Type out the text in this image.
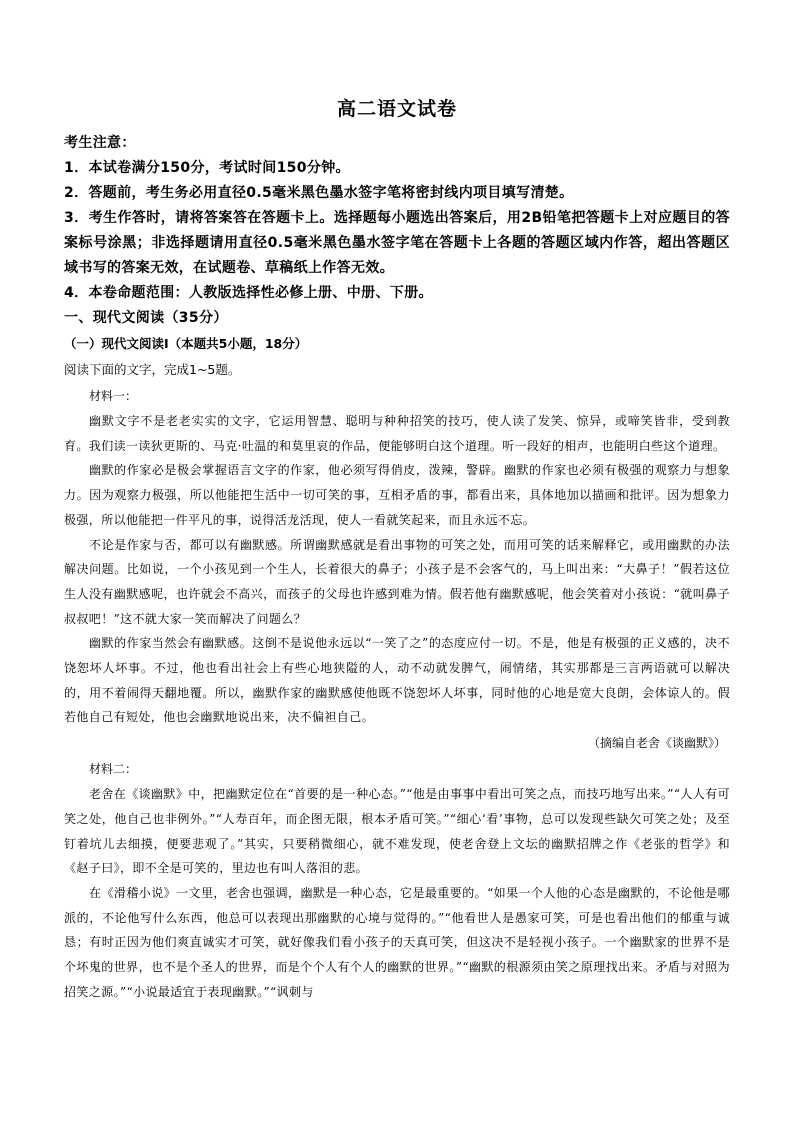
高二语文试卷

考生注意：

1．本试卷满分150分，考试时间150分钟。

2．答题前，考生务必用直径0.5毫米黑色墨水签字笔将密封线内项目填写清楚。

3．考生作答时，请将答案答在答题卡上。选择题每小题选出答案后，用2B铅笔把答题卡上对应题目的答案标号涂黑；非选择题请用直径0.5毫米黑色墨水签字笔在答题卡上各题的答题区域内作答，超出答题区域书写的答案无效，在试题卷、草稿纸上作答无效。

4．本卷命题范围：人教版选择性必修上册、中册、下册。

一、现代文阅读（35分）

（一）现代文阅读Ⅰ（本题共5小题，18分）

阅读下面的文字，完成1~5题。

材料一：

幽默文字不是老老实实的文字，它运用智慧、聪明与种种招笑的技巧，使人读了发笑、惊异，或啼笑皆非，受到教育。我们读一读狄更斯的、马克·吐温的和莫里哀的作品，便能够明白这个道理。听一段好的相声，也能明白些这个道理。

幽默的作家必是极会掌握语言文字的作家，他必须写得俏皮，泼辣，警辟。幽默的作家也必须有极强的观察力与想象力。因为观察力极强，所以他能把生活中一切可笑的事，互相矛盾的事，都看出来，具体地加以描画和批评。因为想象力极强，所以他能把一件平凡的事，说得活龙活现，使人一看就笑起来，而且永远不忘。

不论是作家与否，都可以有幽默感。所谓幽默感就是看出事物的可笑之处，而用可笑的话来解释它，或用幽默的办法解决问题。比如说，一个小孩见到一个生人，长着很大的鼻子；小孩子是不会客气的，马上叫出来：“大鼻子！”假若这位生人没有幽默感呢，也许就会不高兴，而孩子的父母也许感到难为情。假若他有幽默感呢，他会笑着对小孩说：“就叫鼻子叔叔吧！”这不就大家一笑而解决了问题么？

幽默的作家当然会有幽默感。这倒不是说他永远以“一笑了之”的态度应付一切。不是，他是有极强的正义感的，决不饶恕坏人坏事。不过，他也看出社会上有些心地狭隘的人，动不动就发脾气，闹情绪，其实那都是三言两语就可以解决的，用不着闹得天翻地覆。所以，幽默作家的幽默感使他既不饶恕坏人坏事，同时他的心地是宽大良朗，会体谅人的。假若他自己有短处，他也会幽默地说出来，决不偏袒自己。

（摘编自老舍《谈幽默》）

材料二：

老舍在《谈幽默》中，把幽默定位在“首要的是一种心态。”“他是由事事中看出可笑之点，而技巧地写出来。”“人人有可笑之处，他自己也非例外。”“人寿百年，而企图无限，根本矛盾可笑。”“细心‘看’事物，总可以发现些缺欠可笑之处；及至钉着坑儿去细摸，便要悲观了。”其实，只要稍微细心，就不难发现，使老舍登上文坛的幽默招牌之作《老张的哲学》和《赵子曰》，即不全是可笑的，里边也有叫人落泪的悲。

在《滑稽小说》一文里，老舍也强调，幽默是一种心态，它是最重要的。“如果一个人他的心态是幽默的，不论他是哪派的，不论他写什么东西，他总可以表现出那幽默的心境与觉得的。”“他看世人是愚家可笑，可是也看出他们的郁重与诚恳；有时正因为他们爽直诚实才可笑，就好像我们看小孩子的天真可笑，但这决不是轻视小孩子。一个幽默家的世界不是个坏鬼的世界，也不是个圣人的世界，而是个个人有个人的幽默的世界。”“幽默的根源须由笑之原理找出来。矛盾与对照为招笑之源。”“小说最适宜于表现幽默。”“讽刺与
